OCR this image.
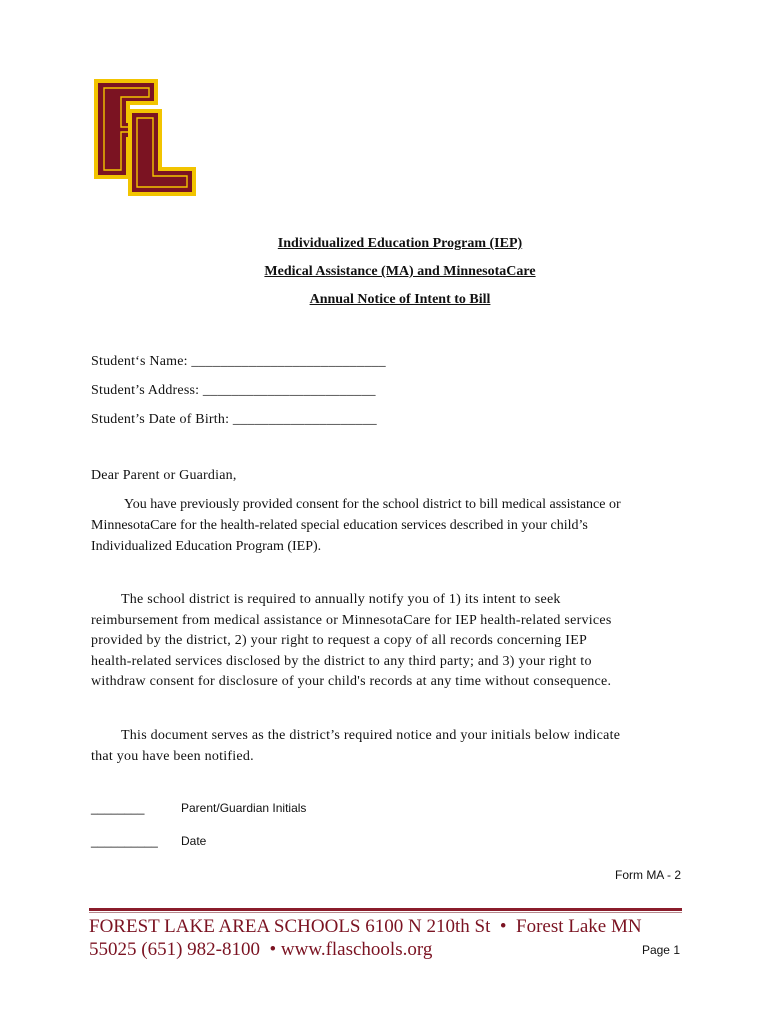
Individualized Education Program (IEP)
Medical Assistance (MA) and MinnesotaCare
Annual Notice of Intent to Bill
Student‘s Name: ___________________________
Student’s Address: ________________________
Student’s Date of Birth: ____________________
Dear Parent or Guardian,
You have previously provided consent for the school district to bill medical assistance or
MinnesotaCare for the health-related special education services described in your child’s
Individualized Education Program (IEP).
The school district is required to annually notify you of 1) its intent to seek
reimbursement from medical assistance or MinnesotaCare for IEP health-related services
provided by the district, 2) your right to request a copy of all records concerning IEP
health-related services disclosed by the district to any third party; and 3) your right to
withdraw consent for disclosure of your child's records at any time without consequence.
This document serves as the district’s required notice and your initials below indicate
that you have been notified.
________	Parent/Guardian Initials
__________ Date
Form MA - 2
FOREST LAKE AREA SCHOOLS 6100 N 210th St  •  Forest Lake MN
55025 (651) 982-8100  • www.flaschools.org	Page 1
